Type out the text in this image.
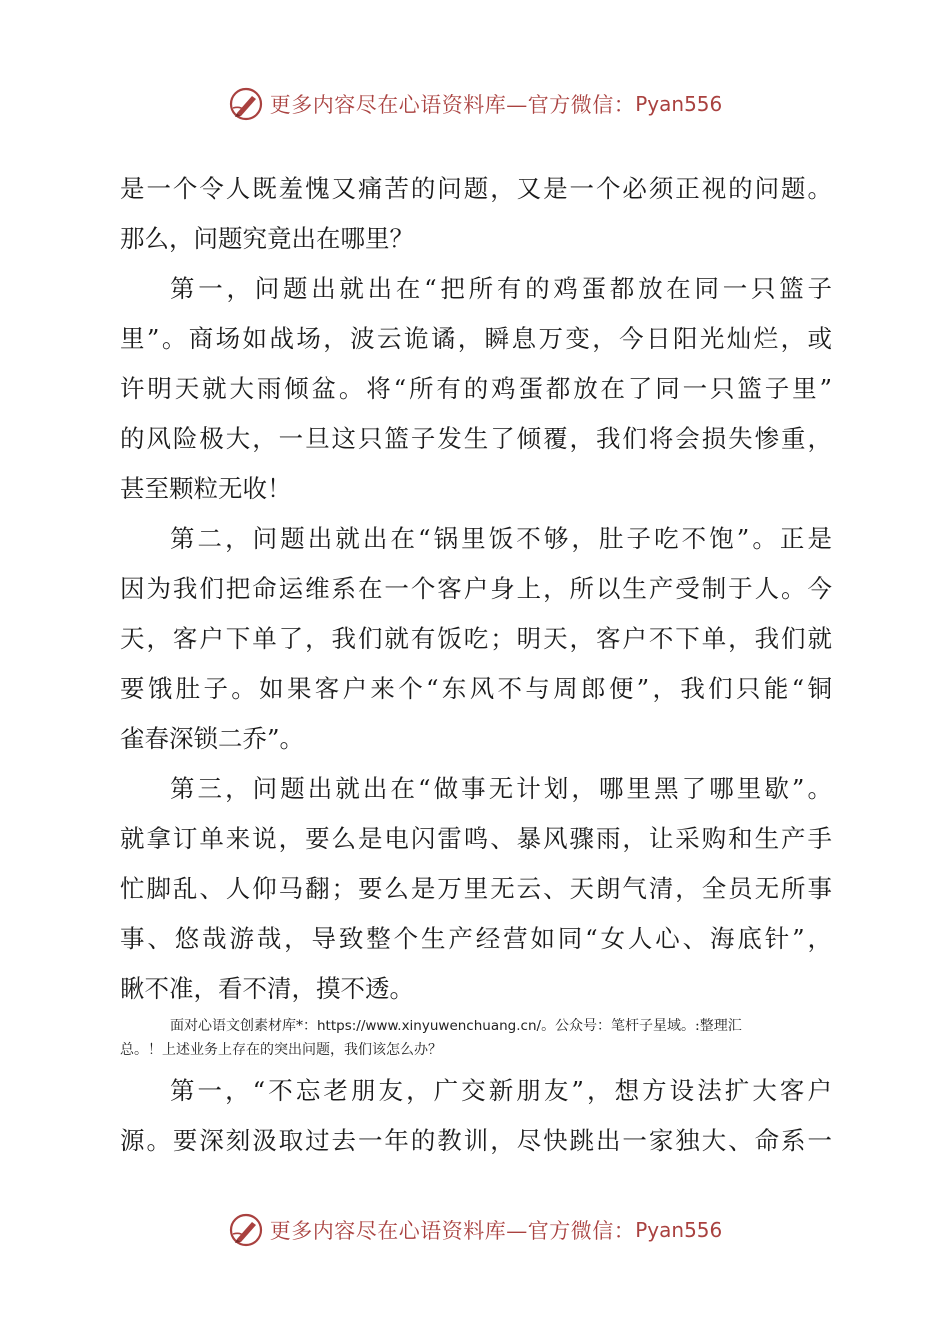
更多内容尽在心语资料库—官方微信： Pyan556
是一个令人既羞愧又痛苦的问题，又是一个必须正视的问题。
那么，问题究竟出在哪里？
第一，问题出就出在“把所有的鸡蛋都放在同一只篮子
里”。商场如战场，波云诡谲，瞬息万变，今日阳光灿烂，或
许明天就大雨倾盆。将“所有的鸡蛋都放在了同一只篮子里”
的风险极大，一旦这只篮子发生了倾覆，我们将会损失惨重，
甚至颗粒无收！
第二，问题出就出在“锅里饭不够，肚子吃不饱”。正是
因为我们把命运维系在一个客户身上，所以生产受制于人。今
天，客户下单了，我们就有饭吃；明天，客户不下单，我们就
要饿肚子。如果客户来个“东风不与周郎便”，我们只能“铜
雀春深锁二乔”。
第三，问题出就出在“做事无计划，哪里黑了哪里歇”。
就拿订单来说，要么是电闪雷鸣、暴风骤雨，让采购和生产手
忙脚乱、人仰马翻；要么是万里无云、天朗气清，全员无所事
事、悠哉游哉，导致整个生产经营如同“女人心、海底针”，
瞅不准，看不清，摸不透。
面对心语文创素材库*：https://www.xinyuwenchuang.cn/。公众号：笔杆子星域。:整理汇
总。！上述业务上存在的突出问题，我们该怎么办？
第一，“不忘老朋友，广交新朋友”，想方设法扩大客户
源。要深刻汲取过去一年的教训，尽快跳出一家独大、命系一
更多内容尽在心语资料库—官方微信： Pyan556
